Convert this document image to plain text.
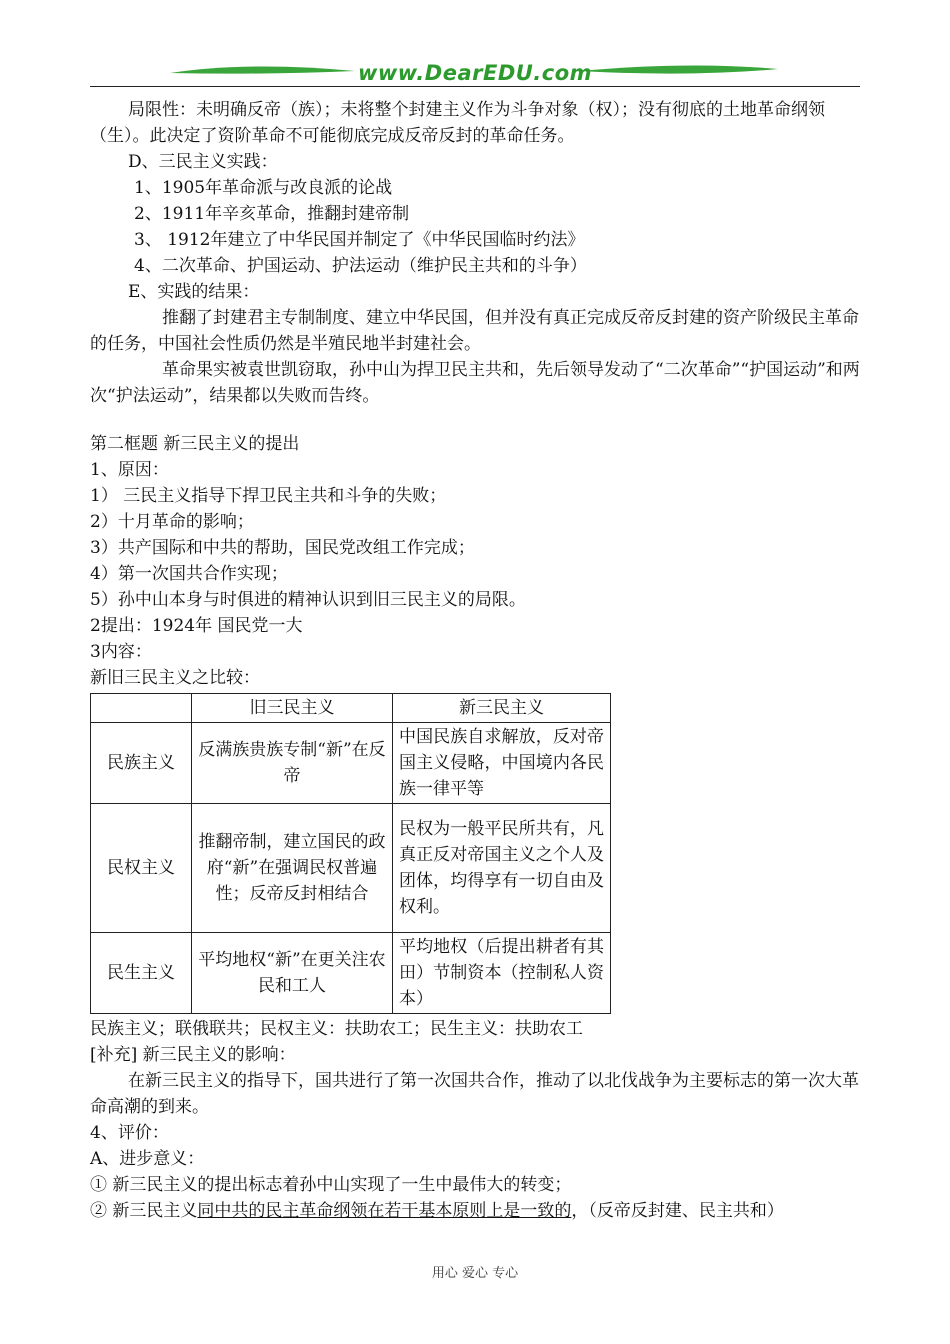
www.DearEDU.com

局限性：未明确反帝（族）；未将整个封建主义作为斗争对象（权）；没有彻底的土地革命纲领（生）。此决定了资阶革命不可能彻底完成反帝反封的革命任务。

D、三民主义实践：

1、1905年革命派与改良派的论战

2、1911年辛亥革命，推翻封建帝制

3、 1912年建立了中华民国并制定了《中华民国临时约法》

4、二次革命、护国运动、护法运动（维护民主共和的斗争）

E、实践的结果：

推翻了封建君主专制制度、建立中华民国，但并没有真正完成反帝反封建的资产阶级民主革命的任务，中国社会性质仍然是半殖民地半封建社会。

革命果实被袁世凯窃取，孙中山为捍卫民主共和，先后领导发动了“二次革命”“护国运动”和两次“护法运动”，结果都以失败而告终。

第二框题 新三民主义的提出

1、原因：

1） 三民主义指导下捍卫民主共和斗争的失败；

2）十月革命的影响；

3）共产国际和中共的帮助，国民党改组工作完成；

4）第一次国共合作实现；

5）孙中山本身与时俱进的精神认识到旧三民主义的局限。

2提出：1924年 国民党一大

3内容：

新旧三民主义之比较：

	旧三民主义	新三民主义
民族主义	反满族贵族专制“新”在反帝	中国民族自求解放，反对帝国主义侵略，中国境内各民族一律平等
民权主义	推翻帝制，建立国民的政府“新”在强调民权普遍性；反帝反封相结合	民权为一般平民所共有，凡真正反对帝国主义之个人及团体，均得享有一切自由及权利。
民生主义	平均地权“新”在更关注农民和工人	平均地权（后提出耕者有其田）节制资本（控制私人资本）

民族主义；联俄联共；民权主义：扶助农工；民生主义：扶助农工

[补充] 新三民主义的影响：

在新三民主义的指导下，国共进行了第一次国共合作，推动了以北伐战争为主要标志的第一次大革命高潮的到来。

4、评价：

A、进步意义：

① 新三民主义的提出标志着孙中山实现了一生中最伟大的转变；

② 新三民主义同中共的民主革命纲领在若干基本原则上是一致的，（反帝反封建、民主共和）

用心 爱心 专心
